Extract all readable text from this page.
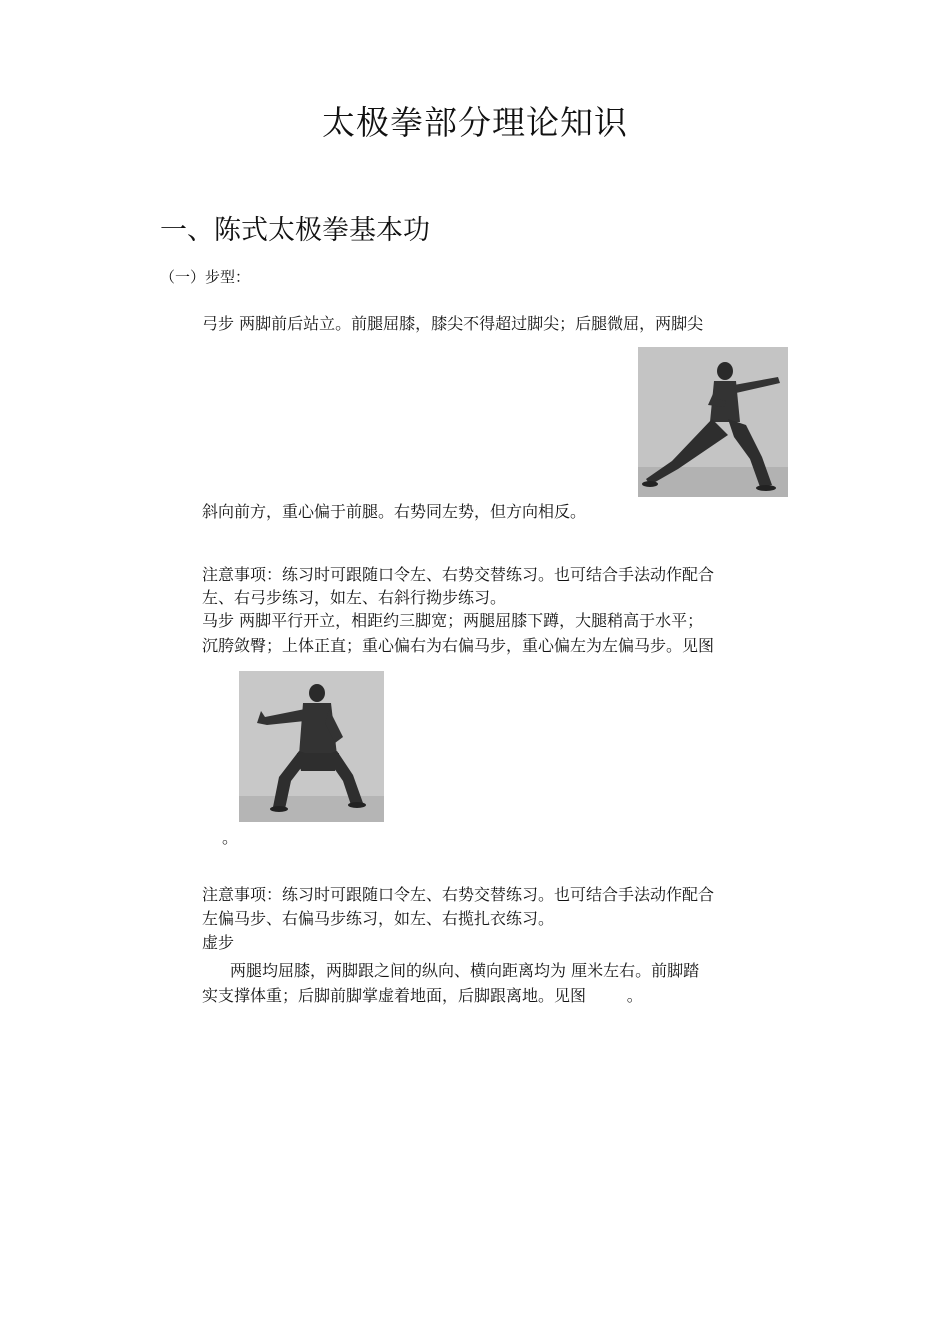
太极拳部分理论知识
一、陈式太极拳基本功
（一）步型：
弓步 两脚前后站立。前腿屈膝，膝尖不得超过脚尖；后腿微屈，两脚尖
斜向前方，重心偏于前腿。右势同左势，但方向相反。
注意事项：练习时可跟随口令左、右势交替练习。也可结合手法动作配合
左、右弓步练习，如左、右斜行拗步练习。
马步 两脚平行开立，相距约三脚宽；两腿屈膝下蹲，大腿稍高于水平；
沉胯敛臀；上体正直；重心偏右为右偏马步，重心偏左为左偏马步。见图
。
注意事项：练习时可跟随口令左、右势交替练习。也可结合手法动作配合
左偏马步、右偏马步练习，如左、右揽扎衣练习。
虚步
两腿均屈膝，两脚跟之间的纵向、横向距离均为 厘米左右。前脚踏
实支撑体重；后脚前脚掌虚着地面，后脚跟离地。见图        。
